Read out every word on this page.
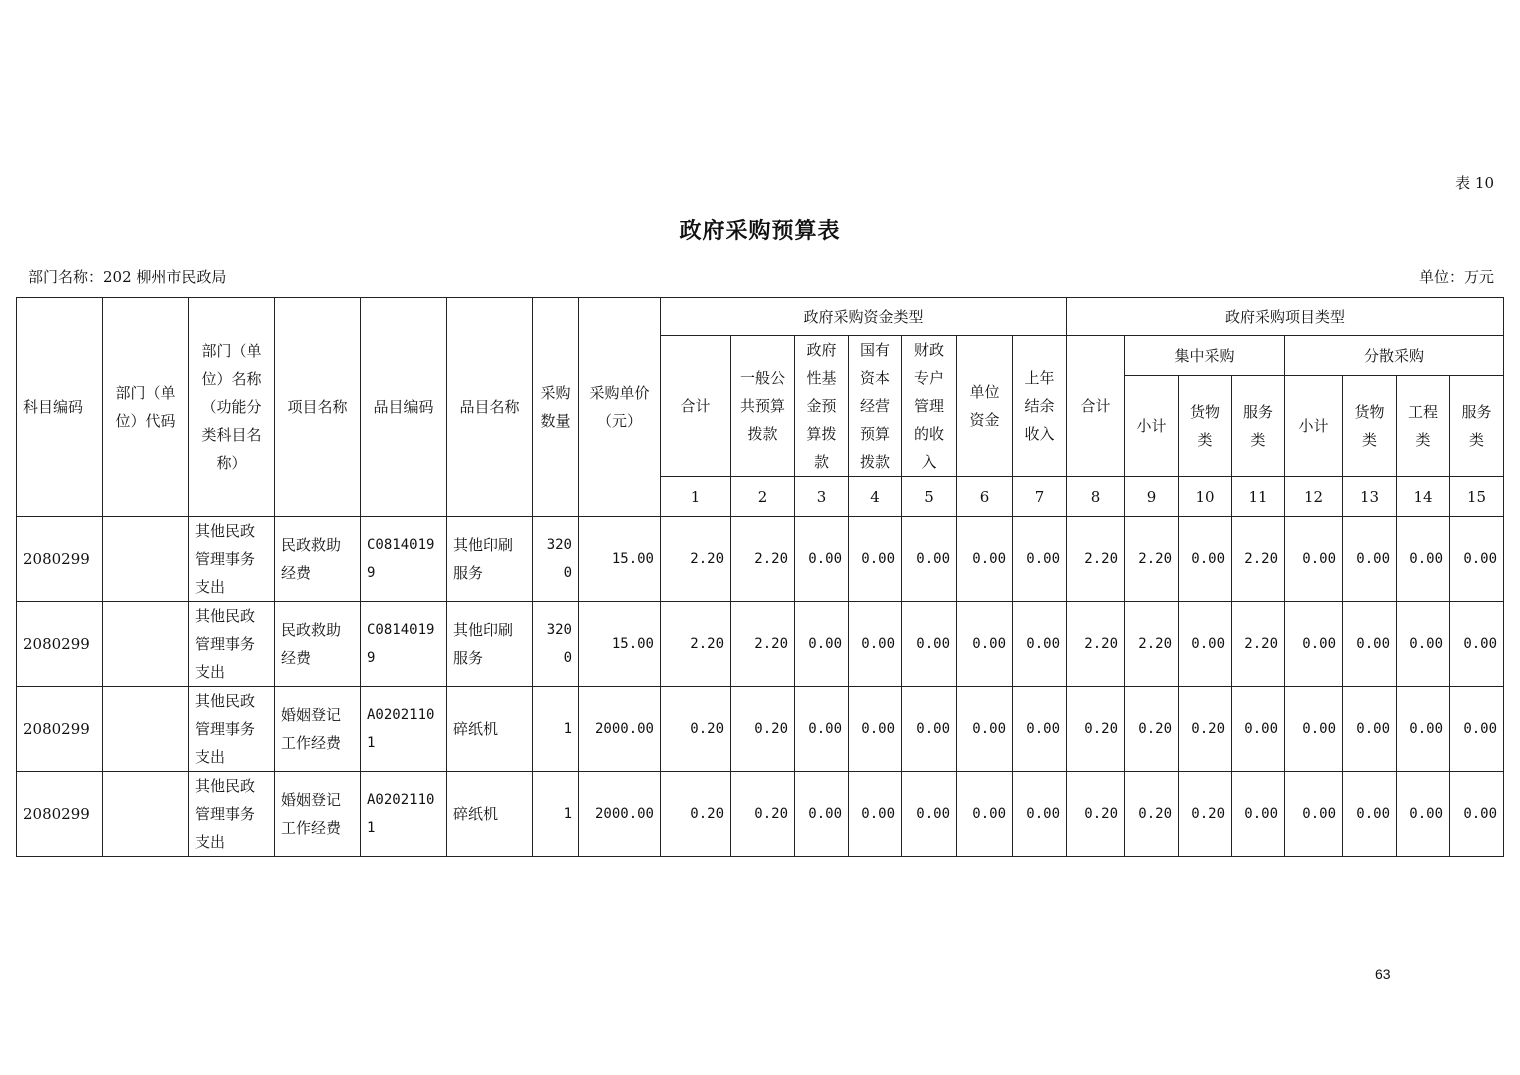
表 10
政府采购预算表
部门名称：202 柳州市民政局	单位：万元
科目编码	部门（单位）代码	部门（单位）名称（功能分类科目名称）	项目名称	品目编码	品目名称	采购数量	采购单价（元）	政府采购资金类型							政府采购项目类型							
								合计	一般公共预算拨款	政府性基金预算拨款	国有资本经营预算拨款	财政专户管理的收入	单位资金	上年结余收入	合计	集中采购			分散采购			
																小计	货物类	服务类	小计	货物类	工程类	服务类
								1	2	3	4	5	6	7	8	9	10	11	12	13	14	15
2080299		其他民政管理事务支出	民政救助经费	C08140199	其他印刷服务	3200	15.00	2.20	2.20	0.00	0.00	0.00	0.00	0.00	2.20	2.20	0.00	2.20	0.00	0.00	0.00	0.00
2080299		其他民政管理事务支出	民政救助经费	C08140199	其他印刷服务	3200	15.00	2.20	2.20	0.00	0.00	0.00	0.00	0.00	2.20	2.20	0.00	2.20	0.00	0.00	0.00	0.00
2080299		其他民政管理事务支出	婚姻登记工作经费	A02021101	碎纸机	1	2000.00	0.20	0.20	0.00	0.00	0.00	0.00	0.00	0.20	0.20	0.20	0.00	0.00	0.00	0.00	0.00
2080299		其他民政管理事务支出	婚姻登记工作经费	A02021101	碎纸机	1	2000.00	0.20	0.20	0.00	0.00	0.00	0.00	0.00	0.20	0.20	0.20	0.00	0.00	0.00	0.00	0.00
63
